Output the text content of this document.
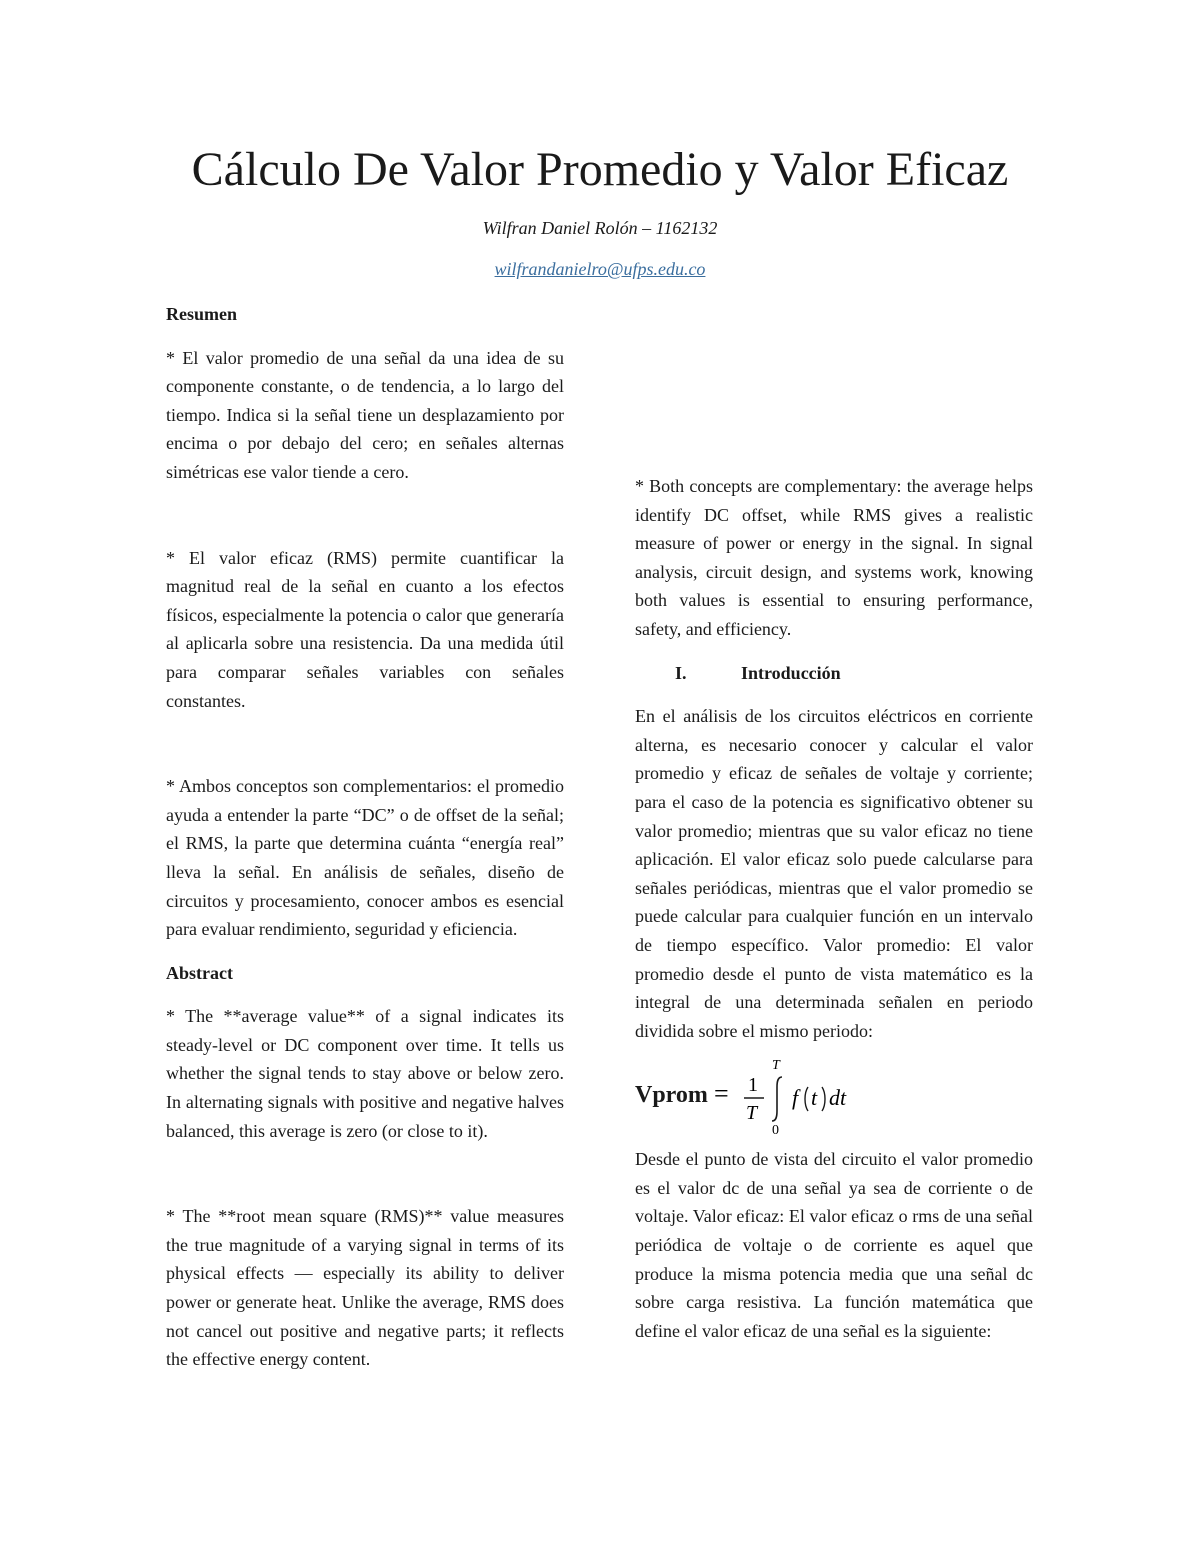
Cálculo De Valor Promedio y Valor Eficaz

Wilfran Daniel Rolón – 1162132

wilfrandanielro@ufps.edu.co

Resumen

* El valor promedio de una señal da una idea de su componente constante, o de tendencia, a lo largo del tiempo. Indica si la señal tiene un desplazamiento por encima o por debajo del cero; en señales alternas simétricas ese valor tiende a cero.

* El valor eficaz (RMS) permite cuantificar la magnitud real de la señal en cuanto a los efectos físicos, especialmente la potencia o calor que generaría al aplicarla sobre una resistencia. Da una medida útil para comparar señales variables con señales constantes.

* Ambos conceptos son complementarios: el promedio ayuda a entender la parte “DC” o de offset de la señal; el RMS, la parte que determina cuánta “energía real” lleva la señal. En análisis de señales, diseño de circuitos y procesamiento, conocer ambos es esencial para evaluar rendimiento, seguridad y eficiencia.

Abstract

* The **average value** of a signal indicates its steady-level or DC component over time. It tells us whether the signal tends to stay above or below zero. In alternating signals with positive and negative halves balanced, this average is zero (or close to it).

* The **root mean square (RMS)** value measures the true magnitude of a varying signal in terms of its physical effects — especially its ability to deliver power or generate heat. Unlike the average, RMS does not cancel out positive and negative parts; it reflects the effective energy content.

* Both concepts are complementary: the average helps identify DC offset, while RMS gives a realistic measure of power or energy in the signal. In signal analysis, circuit design, and systems work, knowing both values is essential to ensuring performance, safety, and efficiency.

I.	Introducción

En el análisis de los circuitos eléctricos en corriente alterna, es necesario conocer y calcular el valor promedio y eficaz de señales de voltaje y corriente; para el caso de la potencia es significativo obtener su valor promedio; mientras que su valor eficaz no tiene aplicación. El valor eficaz solo puede calcularse para señales periódicas, mientras que el valor promedio se puede calcular para cualquier función en un intervalo de tiempo específico. Valor promedio: El valor promedio desde el punto de vista matemático es la integral de una determinada señalen en periodo dividida sobre el mismo periodo:

Vprom = 1
T
T
0
f t dt

Desde el punto de vista del circuito el valor promedio es el valor dc de una señal ya sea de corriente o de voltaje. Valor eficaz: El valor eficaz o rms de una señal periódica de voltaje o de corriente es aquel que produce la misma potencia media que una señal dc sobre carga resistiva. La función matemática que define el valor eficaz de una señal es la siguiente:
